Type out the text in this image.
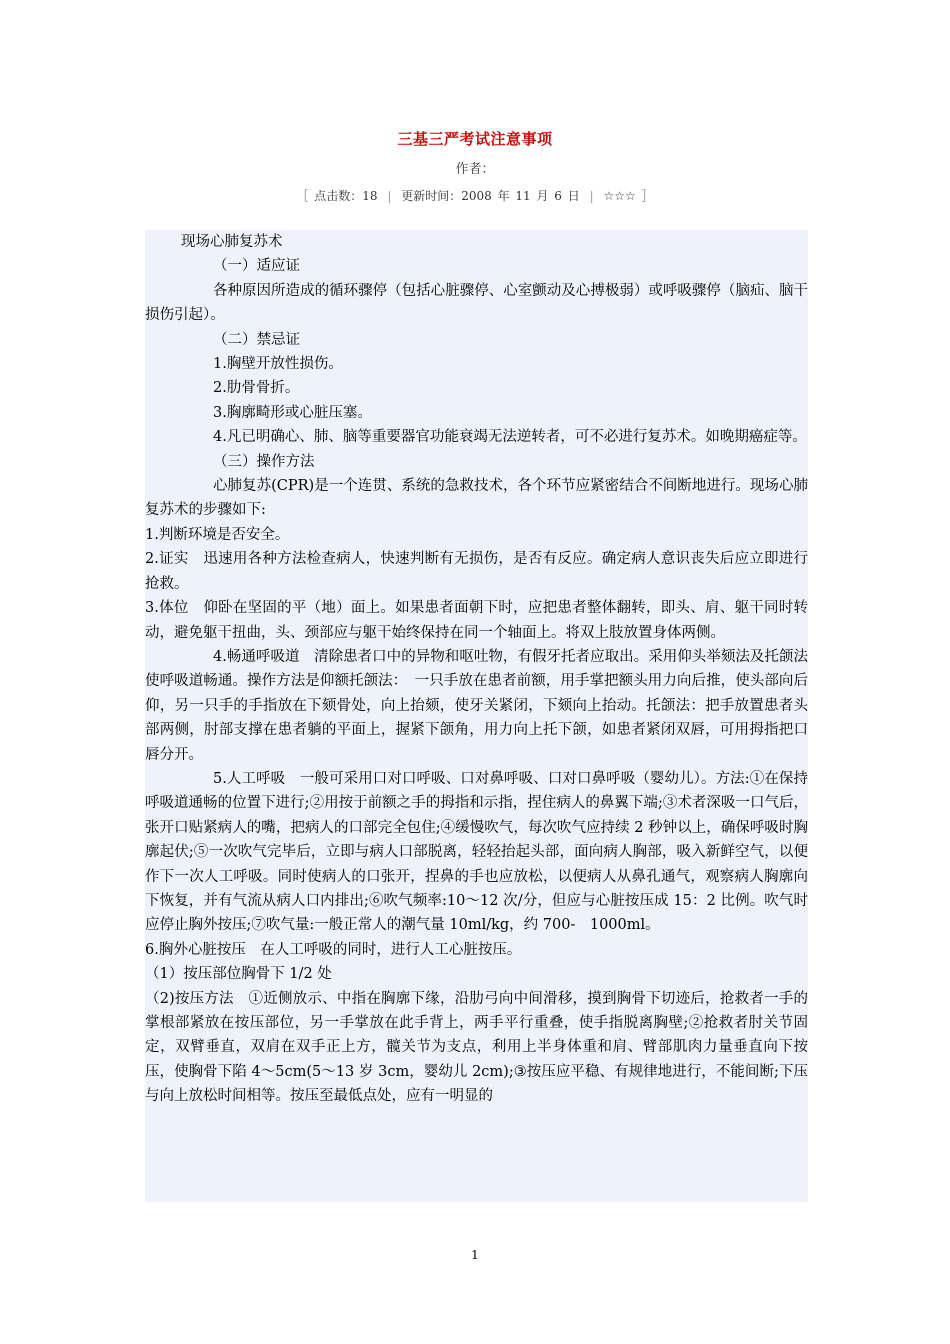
三基三严考试注意事项
作者：
［ 点击数：18 | 更新时间：2008 年 11 月 6 日 | ☆☆☆ ］

现场心肺复苏术

（一）适应证

各种原因所造成的循环骤停（包括心脏骤停、心室颤动及心搏极弱）或呼吸骤停（脑疝、脑干损伤引起）。

（二）禁忌证

1.胸壁开放性损伤。

2.肋骨骨折。

3.胸廓畸形或心脏压塞。

4.凡已明确心、肺、脑等重要器官功能衰竭无法逆转者，可不必进行复苏术。如晚期癌症等。

（三）操作方法

心肺复苏(CPR)是一个连贯、系统的急救技术，各个环节应紧密结合不间断地进行。现场心肺复苏术的步骤如下:

1.判断环境是否安全。

2.证实　迅速用各种方法检查病人，快速判断有无损伤，是否有反应。确定病人意识丧失后应立即进行抢救。

3.体位　仰卧在坚固的平（地）面上。如果患者面朝下时，应把患者整体翻转，即头、肩、躯干同时转动，避免躯干扭曲，头、颈部应与躯干始终保持在同一个轴面上。将双上肢放置身体两侧。

4.畅通呼吸道　清除患者口中的异物和呕吐物，有假牙托者应取出。采用仰头举颏法及托颌法使呼吸道畅通。操作方法是仰额托颌法：　一只手放在患者前额，用手掌把额头用力向后推，使头部向后仰，另一只手的手指放在下颏骨处，向上抬颏，使牙关紧闭，下颏向上抬动。托颌法：把手放置患者头部两侧，肘部支撑在患者躺的平面上，握紧下颌角，用力向上托下颌，如患者紧闭双唇，可用拇指把口唇分开。

5.人工呼吸　一般可采用口对口呼吸、口对鼻呼吸、口对口鼻呼吸（婴幼儿）。方法:①在保持呼吸道通畅的位置下进行;②用按于前额之手的拇指和示指，捏住病人的鼻翼下端;③术者深吸一口气后，张开口贴紧病人的嘴，把病人的口部完全包住;④缓慢吹气，每次吹气应持续 2 秒钟以上，确保呼吸时胸廓起伏;⑤一次吹气完毕后，立即与病人口部脱离，轻轻抬起头部，面向病人胸部，吸入新鲜空气，以便作下一次人工呼吸。同时使病人的口张开，捏鼻的手也应放松，以便病人从鼻孔通气，观察病人胸廓向下恢复，并有气流从病人口内排出;⑥吹气频率:10～12 次/分，但应与心脏按压成 15：2 比例。吹气时应停止胸外按压;⑦吹气量:一般正常人的潮气量 10ml/kg，约 700-　1000ml。

6.胸外心脏按压　在人工呼吸的同时，进行人工心脏按压。

（1）按压部位胸骨下 1/2 处

（2)按压方法　①近侧放示、中指在胸廓下缘，沿肋弓向中间滑移，摸到胸骨下切迹后，抢救者一手的掌根部紧放在按压部位，另一手掌放在此手背上，两手平行重叠，使手指脱离胸壁;②抢救者肘关节固定，双臂垂直，双肩在双手正上方，髋关节为支点，利用上半身体重和肩、臂部肌肉力量垂直向下按压，使胸骨下陷 4～5cm(5～13 岁 3cm，婴幼儿 2cm);③按压应平稳、有规律地进行，不能间断;下压与向上放松时间相等。按压至最低点处，应有一明显的

1
